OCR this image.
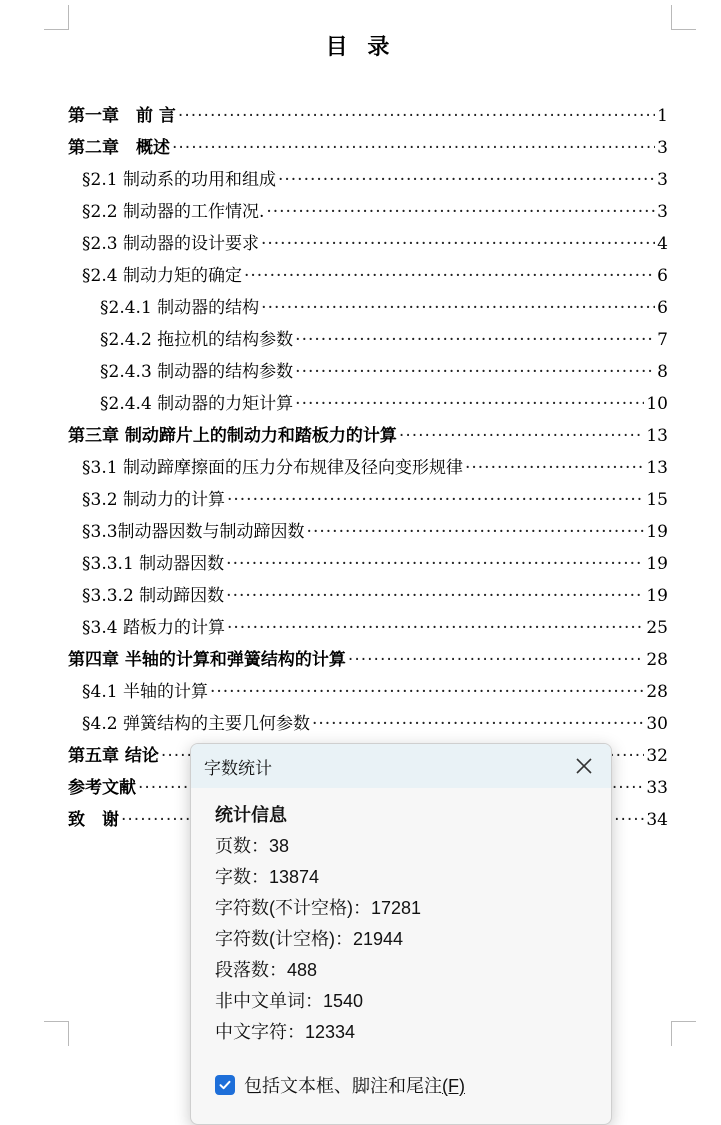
目 录
第一章　前 言 ·····	1
第二章　概述 ·····	3
§2.1 制动系的功用和组成 ·····	3
§2.2 制动器的工作情况. ·····	3
§2.3 制动器的设计要求 ·····	4
§2.4 制动力矩的确定 ·····	6
§2.4.1 制动器的结构 ·····	6
§2.4.2 拖拉机的结构参数 ·····	7
§2.4.3 制动器的结构参数 ·····	8
§2.4.4 制动器的力矩计算 ·····	10
第三章 制动蹄片上的制动力和踏板力的计算 ·····	13
§3.1 制动蹄摩擦面的压力分布规律及径向变形规律 ·····	13
§3.2 制动力的计算 ·····	15
§3.3制动器因数与制动蹄因数 ·····	19
§3.3.1 制动器因数 ·····	19
§3.3.2 制动蹄因数 ·····	19
§3.4 踏板力的计算 ·····	25
第四章 半轴的计算和弹簧结构的计算 ·····	28
§4.1 半轴的计算 ·····	28
§4.2 弹簧结构的主要几何参数 ·····	30
第五章 结论 ·····	32
参考文献 ·····	33
致　谢 ·····	34
字数统计
统计信息
页数：38
字数：13874
字符数(不计空格)：17281
字符数(计空格)：21944
段落数：488
非中文单词：1540
中文字符：12334
包括文本框、脚注和尾注(F)
